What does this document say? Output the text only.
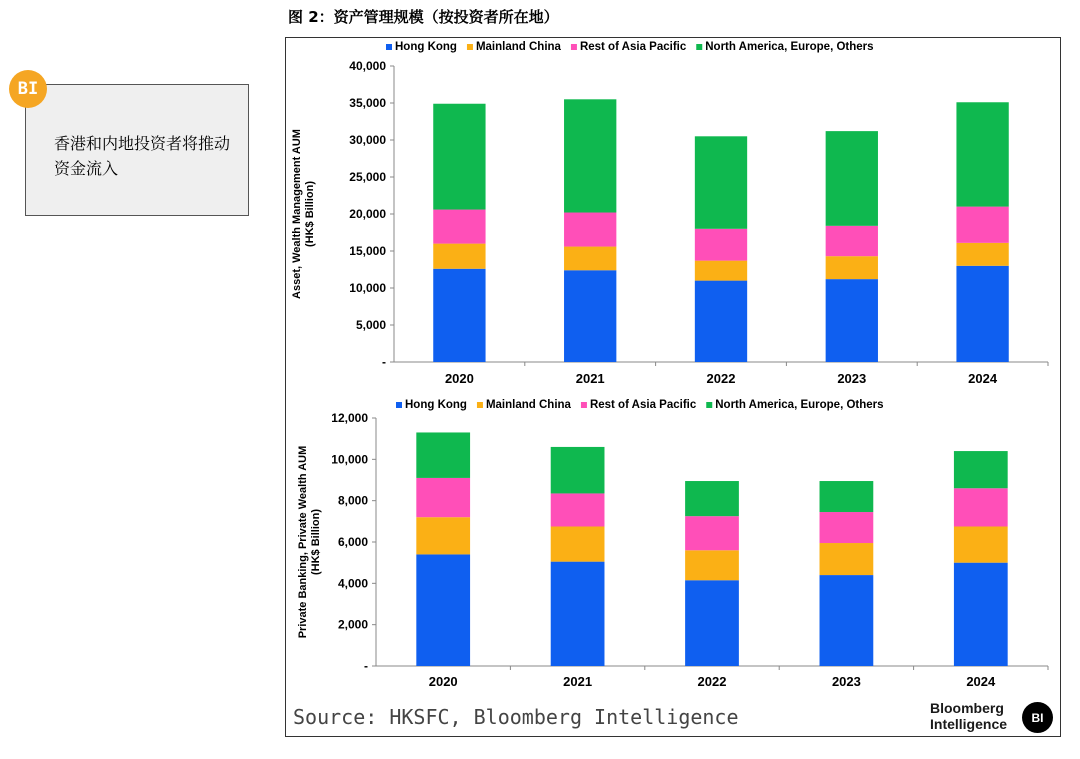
图 2：资产管理规模（按投资者所在地）
香港和内地投资者将推动资金流入
BI
-
5,000
10,000
15,000
20,000
25,000
30,000
35,000
40,000
2020	2021	2022	2023	2024
Asset, Wealth Management AUM (HK$ Billion)
Hong Kong Mainland China Rest of Asia Pacific North America, Europe, Others
-
2,000
4,000
6,000
8,000
10,000
12,000
2020	2021	2022	2023	2024
Private Banking, Private Wealth AUM (HK$ Billion)
Hong Kong Mainland China Rest of Asia Pacific North America, Europe, Others
Source: HKSFC, Bloomberg Intelligence	Bloomberg
Intelligence	BI
